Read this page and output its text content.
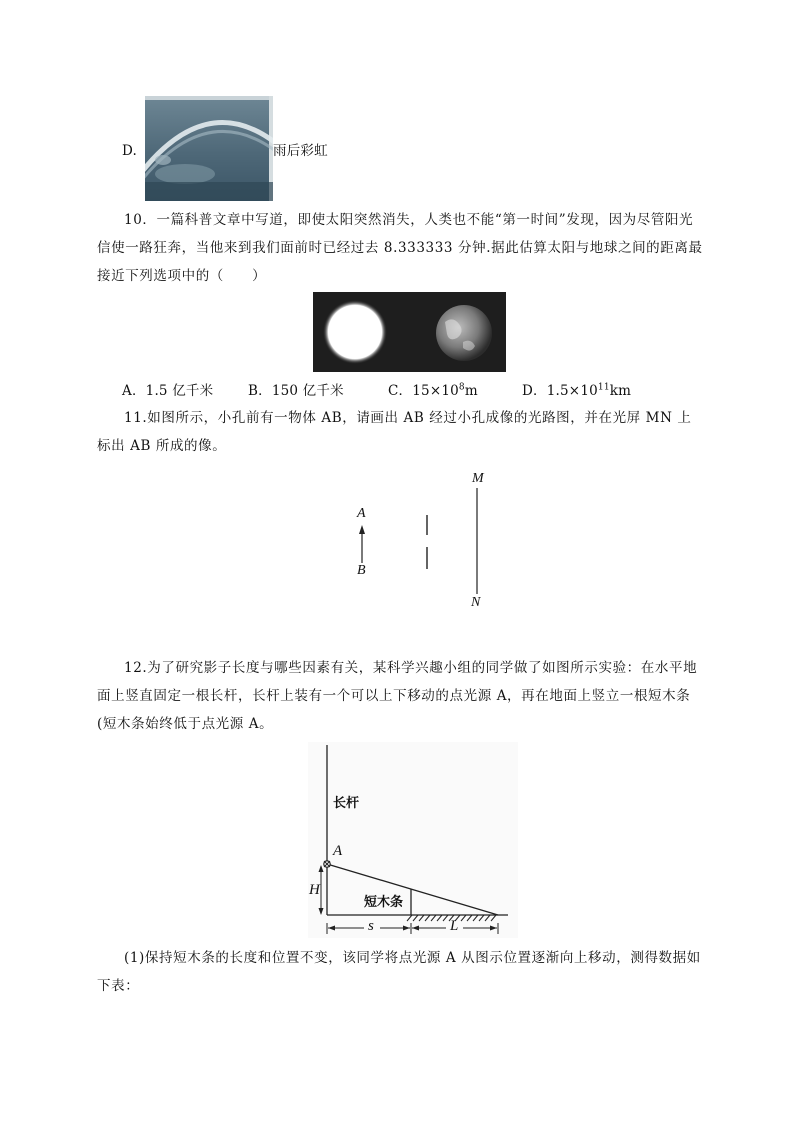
D.	雨后彩虹
10．一篇科普文章中写道，即使太阳突然消失，人类也不能“第一时间”发现，因为尽管阳光信使一路狂奔，当他来到我们面前时已经过去 8.333333 分钟.据此估算太阳与地球之间的距离最接近下列选项中的（　　）
A．1.5 亿千米	B．150 亿千米	C．$15\times 10^8m$	D．$1.5\times 10^{11}km$
11.如图所示，小孔前有一物体 AB，请画出 AB 经过小孔成像的光路图，并在光屏 MN 上标出 AB 所成的像。
A
B
M
N
12.为了研究影子长度与哪些因素有关，某科学兴趣小组的同学做了如图所示实验：在水平地面上竖直固定一根长杆，长杆上装有一个可以上下移动的点光源 A，再在地面上竖立一根短木条(短木条始终低于点光源 A。
长杆
A
H
短木条
s	L
(1)保持短木条的长度和位置不变，该同学将点光源 A 从图示位置逐渐向上移动，测得数据如下表：
